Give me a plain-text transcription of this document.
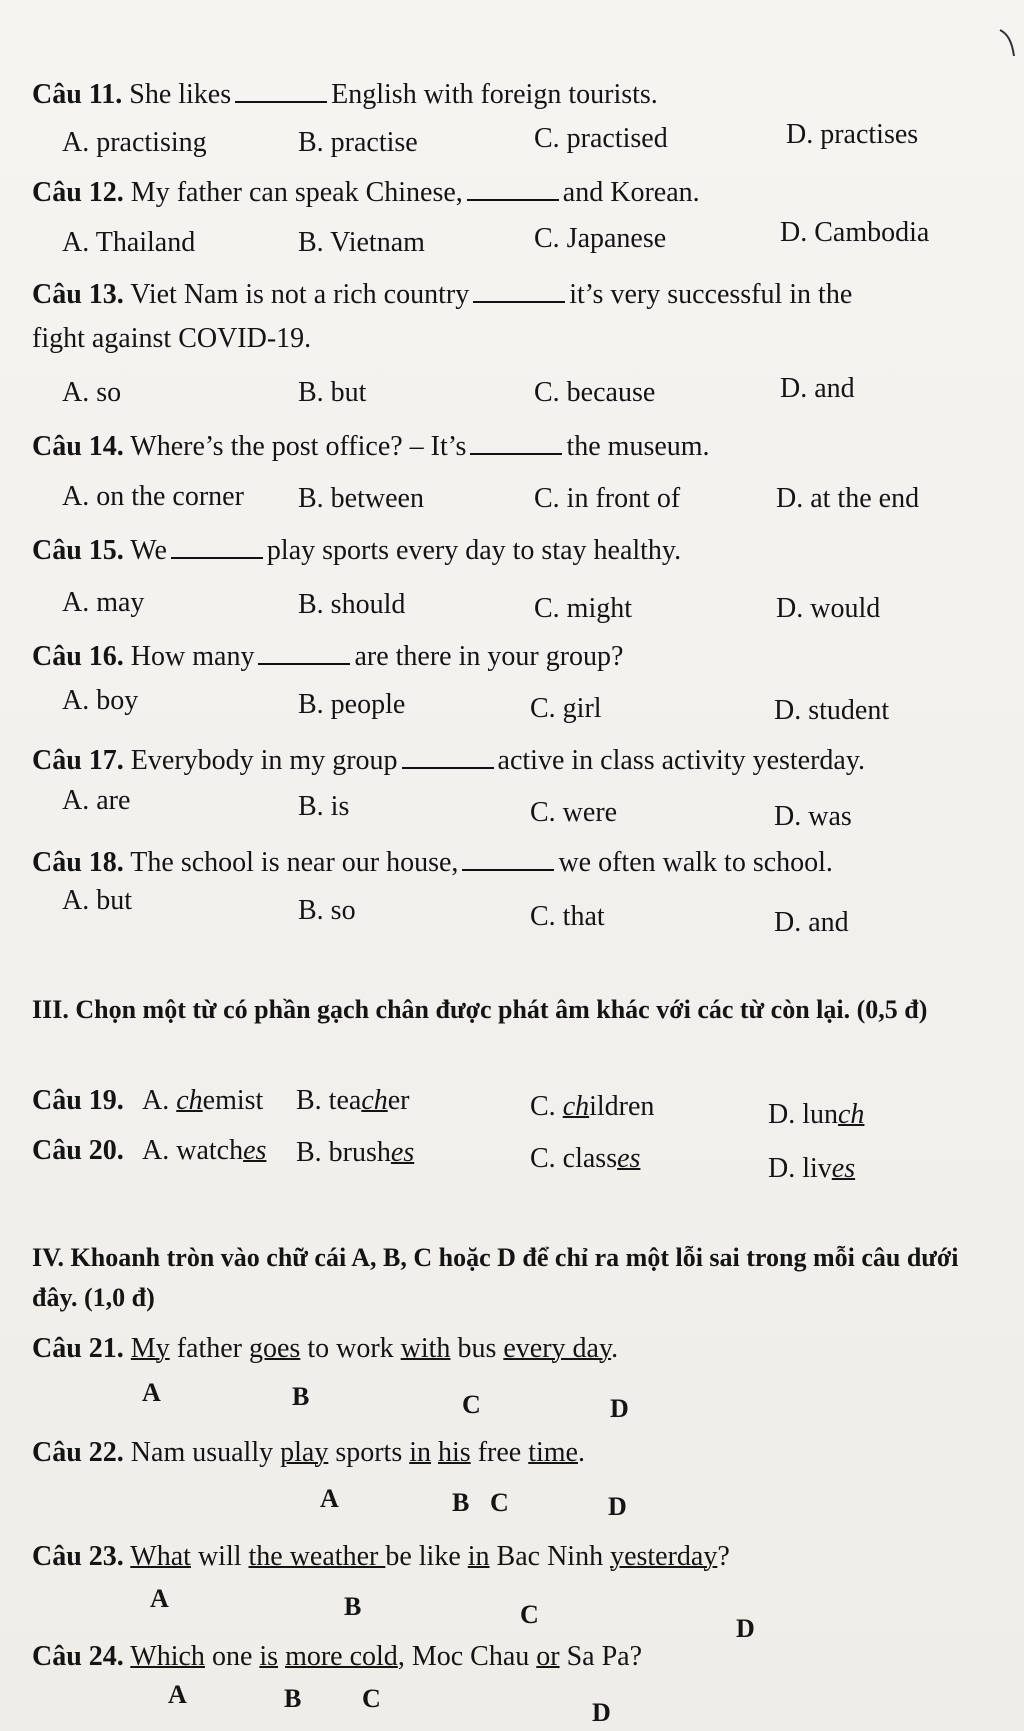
Câu 11. She likes	English with foreign tourists.
A. practising	B. practise	C. practised	D. practises
Câu 12. My father can speak Chinese,	and Korean.
A. Thailand	B. Vietnam	C. Japanese	D. Cambodia
Câu 13. Viet Nam is not a rich country	it’s very successful in the
fight against COVID-19.
A. so	B. but	C. because	D. and
Câu 14. Where’s the post office? – It’s	the museum.
A. on the corner B. between	C. in front of	D. at the end
Câu 15. We	play sports every day to stay healthy.
A. may	B. should	C. might	D. would
Câu 16. How many	are there in your group?
A. boy	B. people	C. girl	D. student
Câu 17. Everybody in my group	active in class activity yesterday.
A. are	B. is	C. were	D. was
Câu 18. The school is near our house,	we often walk to school.
A. but	B. so	C. that	D. and
III. Chọn một từ có phần gạch chân được phát âm khác với các từ còn lại. (0,5 đ)
Câu 19. A. chemist B. teacher	C. children	D. lunch
Câu 20. A. watches B. brushes	C. classes	D. lives
IV. Khoanh tròn vào chữ cái A, B, C hoặc D để chỉ ra một lỗi sai trong mỗi câu dưới đây. (1,0 đ)
Câu 21. My father goes to work with bus every day.
A	B	C	D
Câu 22. Nam usually play sports in his free time.
A	B C	D
Câu 23. What will the weather be like in Bac Ninh yesterday?
A	B	C	D
Câu 24. Which one is more cold, Moc Chau or Sa Pa?
A	B C	D
